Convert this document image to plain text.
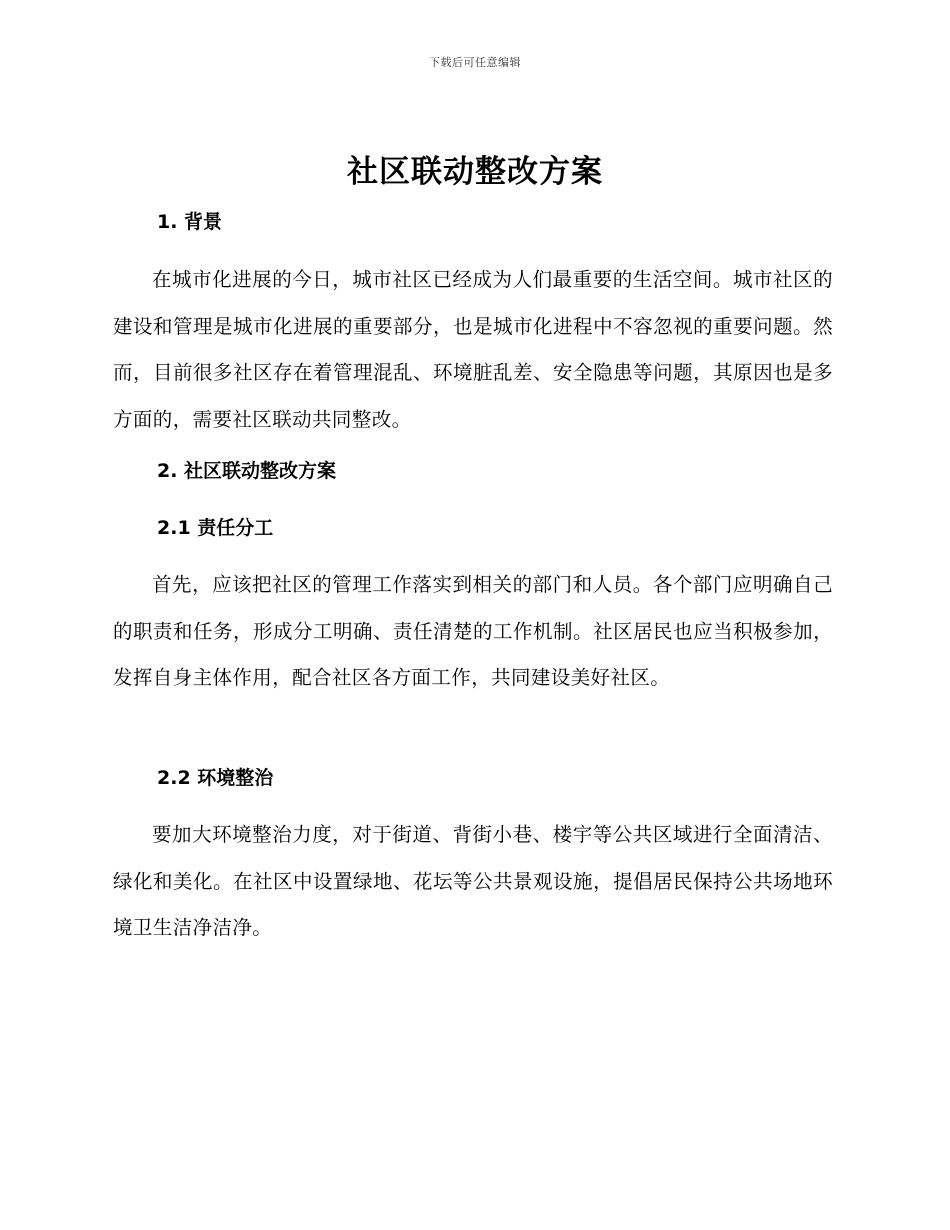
下载后可任意编辑
社区联动整改方案
1. 背景
在城市化进展的今日，城市社区已经成为人们最重要的生活空间。城市社区的建设和管理是城市化进展的重要部分，也是城市化进程中不容忽视的重要问题。然而，目前很多社区存在着管理混乱、环境脏乱差、安全隐患等问题，其原因也是多方面的，需要社区联动共同整改。
2. 社区联动整改方案
2.1 责任分工
首先，应该把社区的管理工作落实到相关的部门和人员。各个部门应明确自己的职责和任务，形成分工明确、责任清楚的工作机制。社区居民也应当积极参加，发挥自身主体作用，配合社区各方面工作，共同建设美好社区。
2.2 环境整治
要加大环境整治力度，对于街道、背街小巷、楼宇等公共区域进行全面清洁、绿化和美化。在社区中设置绿地、花坛等公共景观设施，提倡居民保持公共场地环境卫生洁净洁净。
